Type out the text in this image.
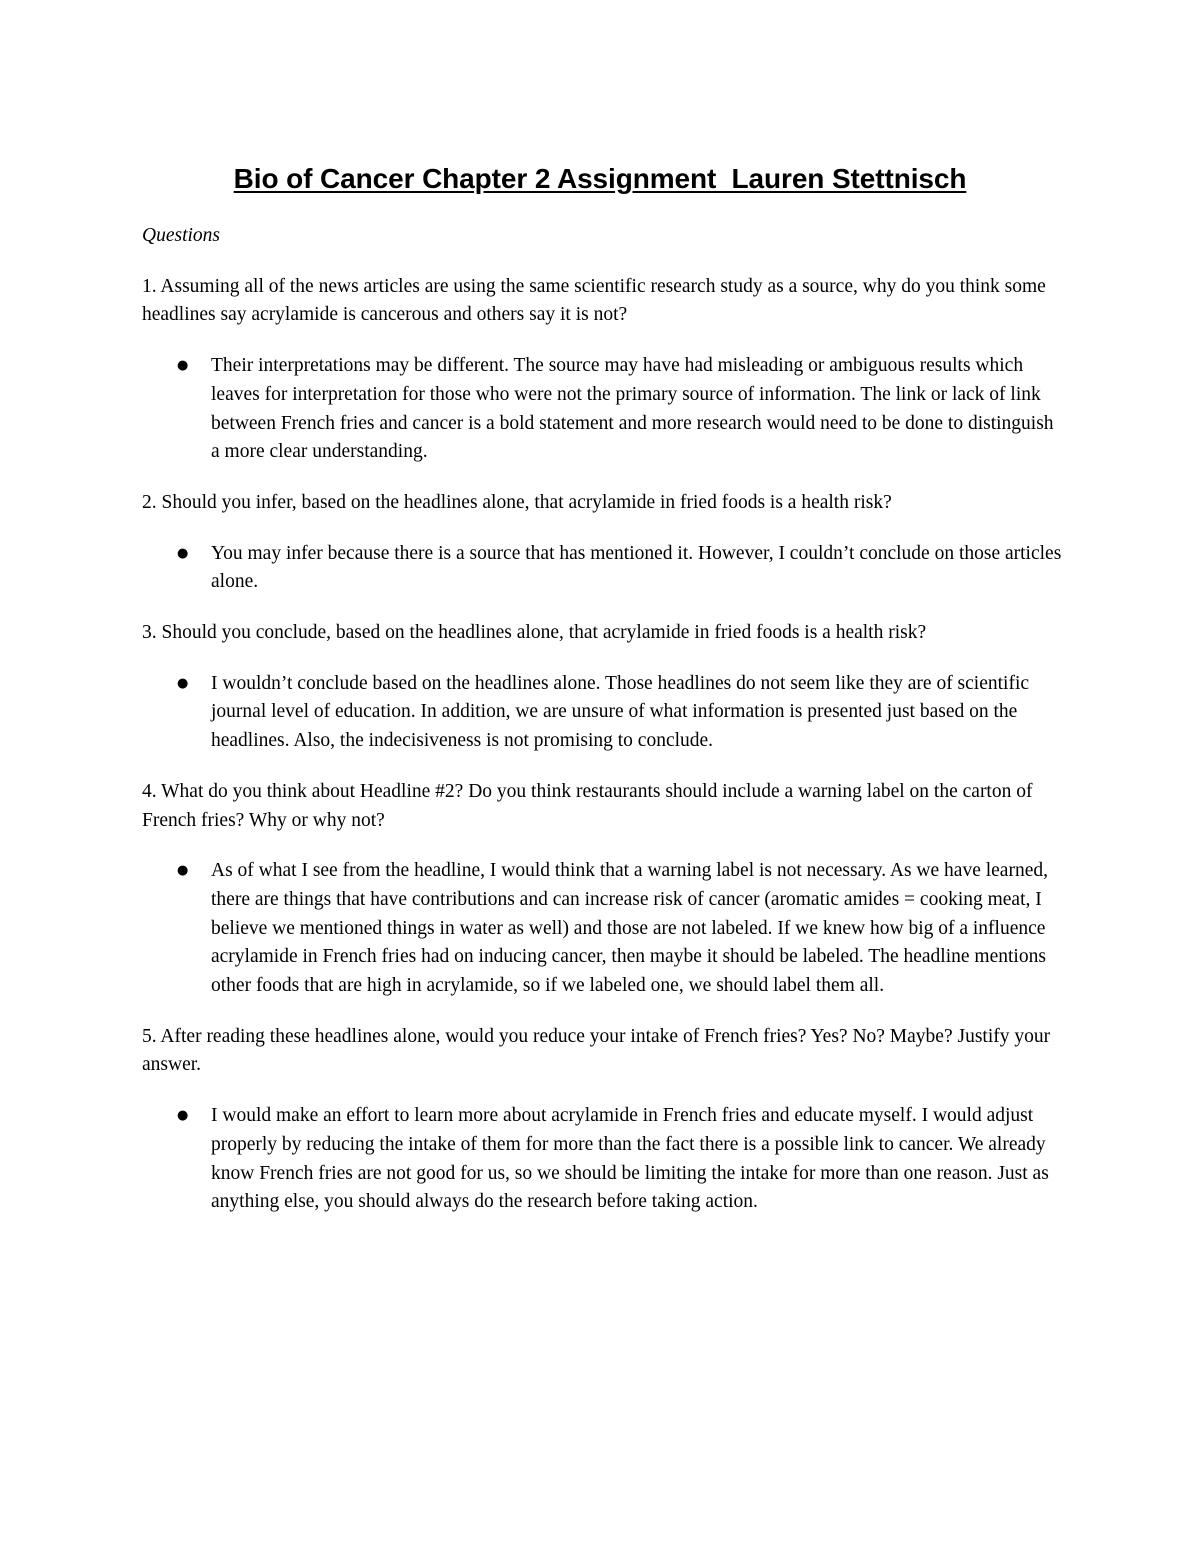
Bio of Cancer Chapter 2 Assignment  Lauren Stettnisch

Questions

1. Assuming all of the news articles are using the same scientific research study as a source, why do you think some headlines say acrylamide is cancerous and others say it is not?

● Their interpretations may be different. The source may have had misleading or ambiguous results which leaves for interpretation for those who were not the primary source of information. The link or lack of link between French fries and cancer is a bold statement and more research would need to be done to distinguish a more clear understanding.

2. Should you infer, based on the headlines alone, that acrylamide in fried foods is a health risk?

● You may infer because there is a source that has mentioned it. However, I couldn’t conclude on those articles alone.

3. Should you conclude, based on the headlines alone, that acrylamide in fried foods is a health risk?

● I wouldn’t conclude based on the headlines alone. Those headlines do not seem like they are of scientific journal level of education. In addition, we are unsure of what information is presented just based on the headlines. Also, the indecisiveness is not promising to conclude.

4. What do you think about Headline #2? Do you think restaurants should include a warning label on the carton of French fries? Why or why not?

● As of what I see from the headline, I would think that a warning label is not necessary. As we have learned, there are things that have contributions and can increase risk of cancer (aromatic amides = cooking meat, I believe we mentioned things in water as well) and those are not labeled. If we knew how big of a influence acrylamide in French fries had on inducing cancer, then maybe it should be labeled. The headline mentions other foods that are high in acrylamide, so if we labeled one, we should label them all.

5. After reading these headlines alone, would you reduce your intake of French fries? Yes? No? Maybe? Justify your answer.

● I would make an effort to learn more about acrylamide in French fries and educate myself. I would adjust properly by reducing the intake of them for more than the fact there is a possible link to cancer. We already know French fries are not good for us, so we should be limiting the intake for more than one reason. Just as anything else, you should always do the research before taking action.
